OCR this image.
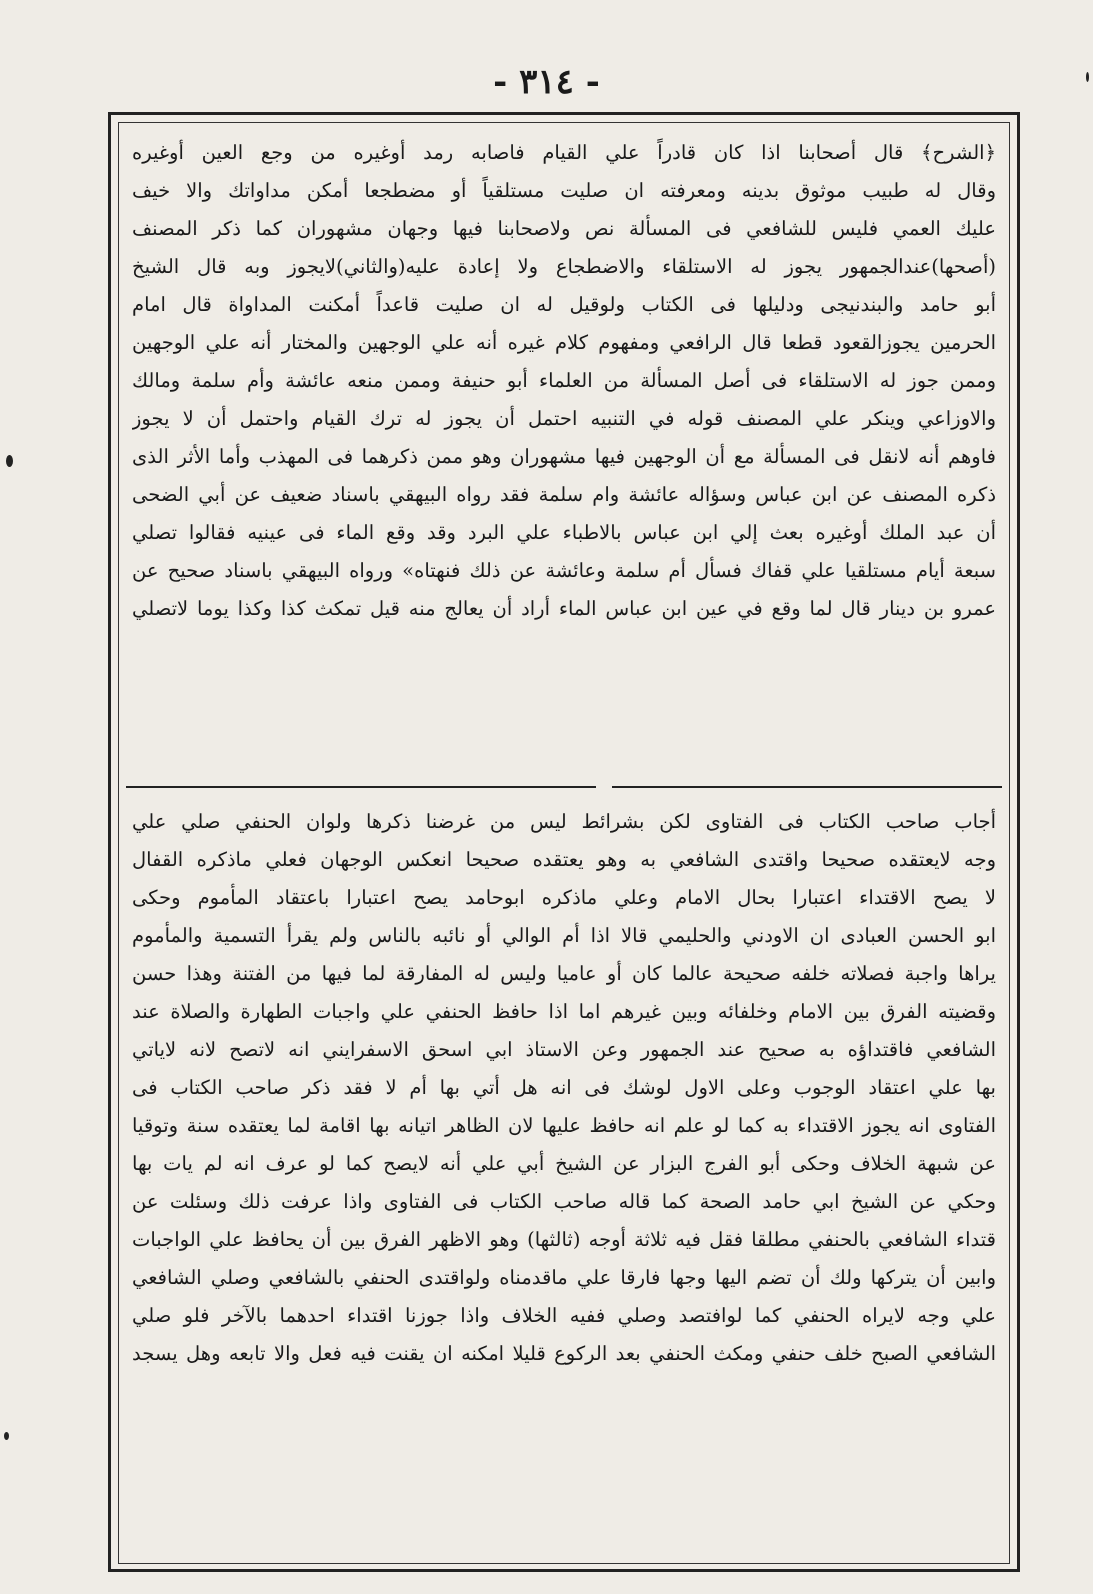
- ٣١٤ -
﴿الشرح﴾ قال أصحابنا اذا كان قادراً علي القيام فاصابه رمد أوغيره من وجع العين أوغيره
وقال له طبيب موثوق بدينه ومعرفته ان صليت مستلقياً أو مضطجعا أمكن مداواتك والا خيف
عليك العمي فليس للشافعي فى المسألة نص ولاصحابنا فيها وجهان مشهوران كما ذكر المصنف
(أصحها)عندالجمهور يجوز له الاستلقاء والاضطجاع ولا إعادة عليه(والثاني)لايجوز وبه قال الشيخ
أبو حامد والبندنيجى ودليلها فى الكتاب ولوقيل له ان صليت قاعداً أمكنت المداواة قال امام
الحرمين يجوزالقعود قطعا قال الرافعي ومفهوم كلام غيره أنه علي الوجهين والمختار أنه علي الوجهين
وممن جوز له الاستلقاء فى أصل المسألة من العلماء أبو حنيفة وممن منعه عائشة وأم سلمة ومالك
والاوزاعي وينكر علي المصنف قوله في التنبيه احتمل أن يجوز له ترك القيام واحتمل أن لا يجوز
فاوهم أنه لانقل فى المسألة مع أن الوجهين فيها مشهوران وهو ممن ذكرهما فى المهذب وأما الأثر الذى
ذكره المصنف عن ابن عباس وسؤاله عائشة وام سلمة فقد رواه البيهقي باسناد ضعيف عن أبي الضحى
أن عبد الملك أوغيره بعث إلي ابن عباس بالاطباء علي البرد وقد وقع الماء فى عينيه فقالوا تصلي
سبعة أيام مستلقيا علي قفاك فسأل أم سلمة وعائشة عن ذلك فنهتاه» ورواه البيهقي باسناد صحيح عن
عمرو بن دينار قال لما وقع في عين ابن عباس الماء أراد أن يعالج منه قيل تمكث كذا وكذا يوما لاتصلي
أجاب صاحب الكتاب فى الفتاوى لكن بشرائط ليس من غرضنا ذكرها ولوان الحنفي صلي علي
وجه لايعتقده صحيحا واقتدى الشافعي به وهو يعتقده صحيحا انعكس الوجهان فعلي ماذكره القفال
لا يصح الاقتداء اعتبارا بحال الامام وعلي ماذكره ابوحامد يصح اعتبارا باعتقاد المأموم وحكى
ابو الحسن العبادى ان الاودني والحليمي قالا اذا أم الوالي أو نائبه بالناس ولم يقرأ التسمية والمأموم
يراها واجبة فصلاته خلفه صحيحة عالما كان أو عاميا وليس له المفارقة لما فيها من الفتنة وهذا حسن
وقضيته الفرق بين الامام وخلفائه وبين غيرهم اما اذا حافظ الحنفي علي واجبات الطهارة والصلاة عند
الشافعي فاقتداؤه به صحيح عند الجمهور وعن الاستاذ ابي اسحق الاسفرايني انه لاتصح لانه لاياتي
بها علي اعتقاد الوجوب وعلى الاول لوشك فى انه هل أتي بها أم لا فقد ذكر صاحب الكتاب فى
الفتاوى انه يجوز الاقتداء به كما لو علم انه حافظ عليها لان الظاهر اتيانه بها اقامة لما يعتقده سنة وتوقيا
عن شبهة الخلاف وحكى أبو الفرج البزار عن الشيخ أبي علي أنه لايصح كما لو عرف انه لم يات بها
وحكي عن الشيخ ابي حامد الصحة كما قاله صاحب الكتاب فى الفتاوى واذا عرفت ذلك وسئلت عن
قتداء الشافعي بالحنفي مطلقا فقل فيه ثلاثة أوجه (ثالثها) وهو الاظهر الفرق بين أن يحافظ علي الواجبات
وابين أن يتركها ولك أن تضم اليها وجها فارقا علي ماقدمناه ولواقتدى الحنفي بالشافعي وصلي الشافعي
علي وجه لايراه الحنفي كما لوافتصد وصلي ففيه الخلاف واذا جوزنا اقتداء احدهما بالآخر فلو صلي
الشافعي الصبح خلف حنفي ومكث الحنفي بعد الركوع قليلا امكنه ان يقنت فيه فعل والا تابعه وهل يسجد
